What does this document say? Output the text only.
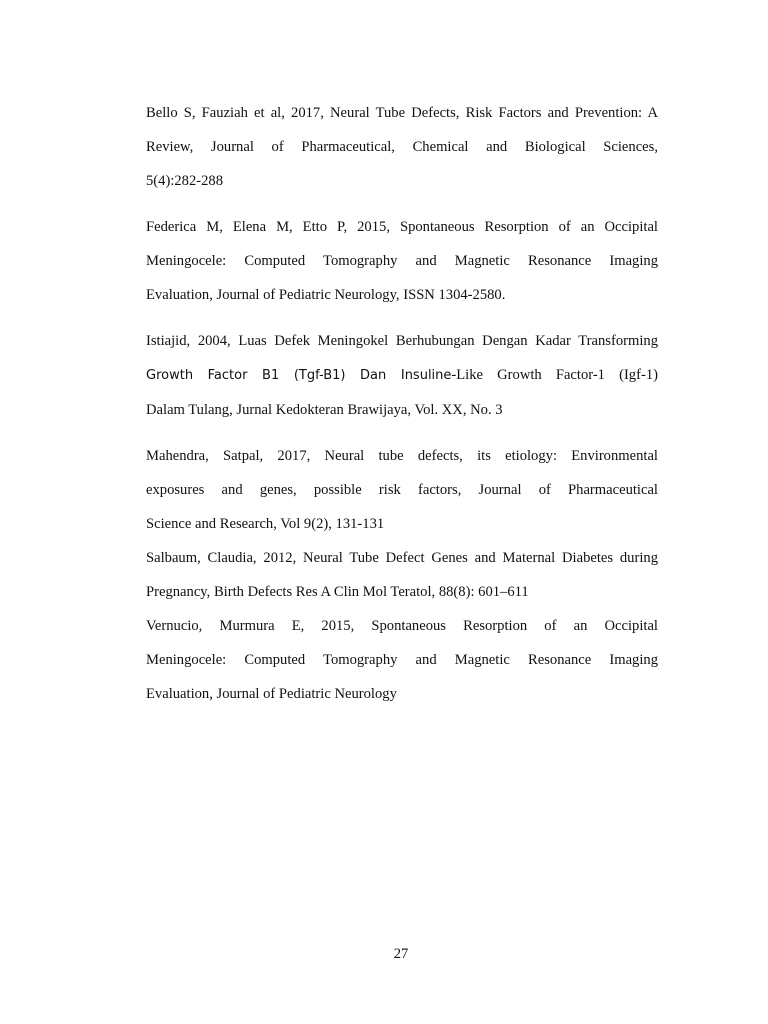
Bello S, Fauziah et al, 2017, Neural Tube Defects, Risk Factors and Prevention: A
Review, Journal of Pharmaceutical, Chemical and Biological Sciences,
5(4):282-288
Federica M, Elena M, Etto P, 2015, Spontaneous Resorption of an Occipital
Meningocele: Computed Tomography and Magnetic Resonance Imaging
Evaluation, Journal of Pediatric Neurology, ISSN 1304-2580.
Istiajid, 2004, Luas Defek Meningokel Berhubungan Dengan Kadar Transforming
Growth Factor B1 (Tgf-B1) Dan Insuline-Like Growth Factor-1 (Igf-1)
Dalam Tulang, Jurnal Kedokteran Brawijaya, Vol. XX, No. 3
Mahendra, Satpal, 2017, Neural tube defects, its etiology: Environmental
exposures and genes, possible risk factors, Journal of Pharmaceutical
Science and Research, Vol 9(2), 131-131
Salbaum, Claudia, 2012, Neural Tube Defect Genes and Maternal Diabetes during
Pregnancy, Birth Defects Res A Clin Mol Teratol, 88(8): 601–611
Vernucio, Murmura E, 2015, Spontaneous Resorption of an Occipital
Meningocele: Computed Tomography and Magnetic Resonance Imaging
Evaluation, Journal of Pediatric Neurology
27
